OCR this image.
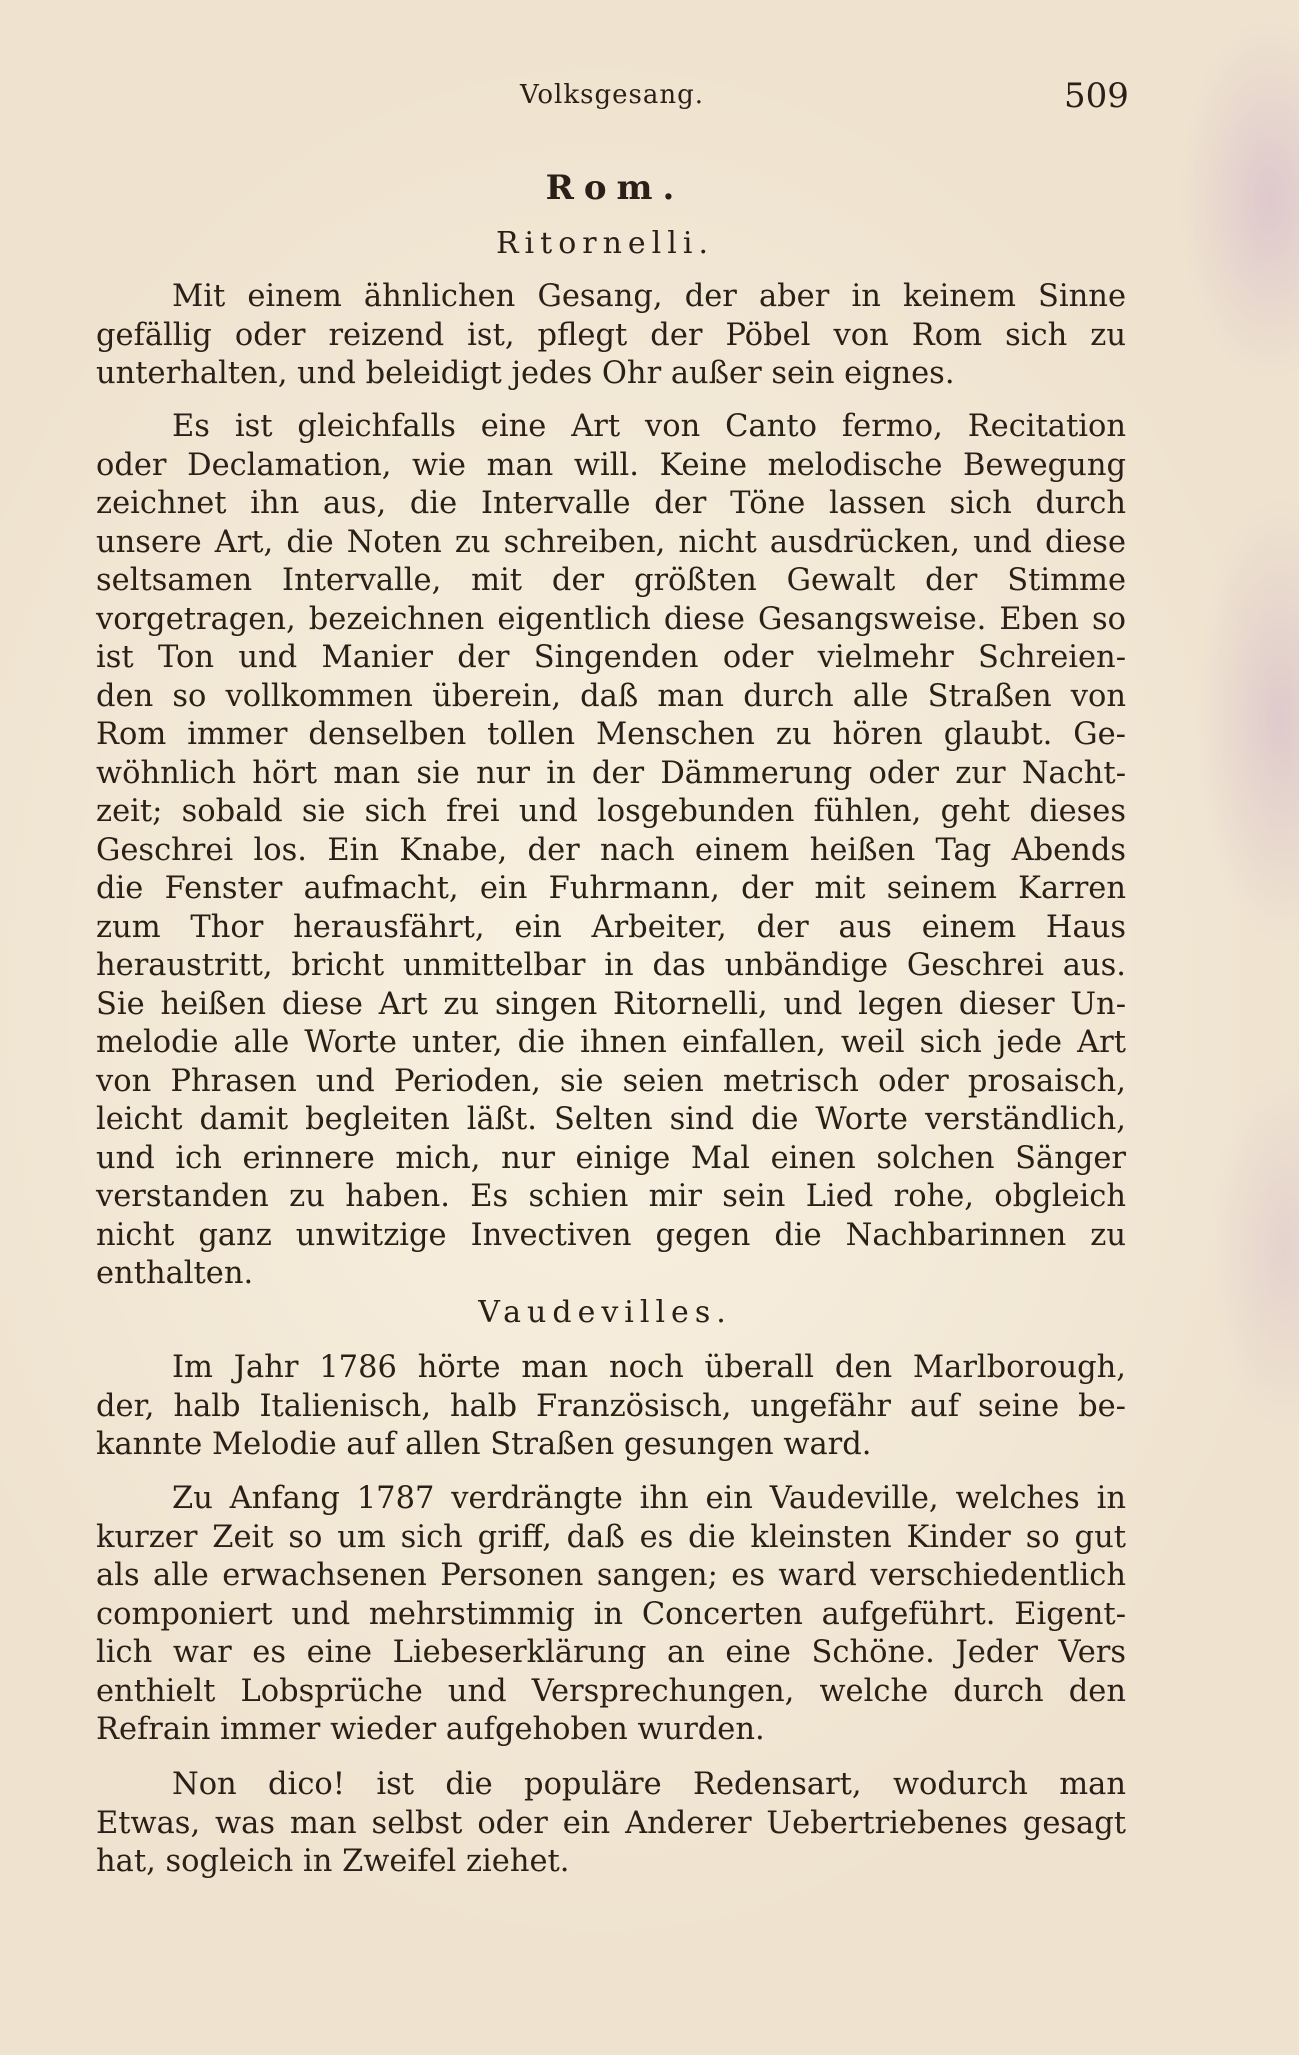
Volksgesang.	509
Rom.
Ritornelli.
Mit einem ähnlichen Gesang, der aber in keinem Sinne
gefällig oder reizend ist, pflegt der Pöbel von Rom sich zu
unterhalten, und beleidigt jedes Ohr außer sein eignes.
Es ist gleichfalls eine Art von Canto fermo, Recitation
oder Declamation, wie man will. Keine melodische Bewegung
zeichnet ihn aus, die Intervalle der Töne lassen sich durch
unsere Art, die Noten zu schreiben, nicht ausdrücken, und diese
seltsamen Intervalle, mit der größten Gewalt der Stimme
vorgetragen, bezeichnen eigentlich diese Gesangsweise. Eben so
ist Ton und Manier der Singenden oder vielmehr Schreien-
den so vollkommen überein, daß man durch alle Straßen von
Rom immer denselben tollen Menschen zu hören glaubt. Ge-
wöhnlich hört man sie nur in der Dämmerung oder zur Nacht-
zeit; sobald sie sich frei und losgebunden fühlen, geht dieses
Geschrei los. Ein Knabe, der nach einem heißen Tag Abends
die Fenster aufmacht, ein Fuhrmann, der mit seinem Karren
zum Thor herausfährt, ein Arbeiter, der aus einem Haus
heraustritt, bricht unmittelbar in das unbändige Geschrei aus.
Sie heißen diese Art zu singen Ritornelli, und legen dieser Un-
melodie alle Worte unter, die ihnen einfallen, weil sich jede Art
von Phrasen und Perioden, sie seien metrisch oder prosaisch,
leicht damit begleiten läßt. Selten sind die Worte verständlich,
und ich erinnere mich, nur einige Mal einen solchen Sänger
verstanden zu haben. Es schien mir sein Lied rohe, obgleich
nicht ganz unwitzige Invectiven gegen die Nachbarinnen zu
enthalten.
Vaudevilles.
Im Jahr 1786 hörte man noch überall den Marlborough,
der, halb Italienisch, halb Französisch, ungefähr auf seine be-
kannte Melodie auf allen Straßen gesungen ward.
Zu Anfang 1787 verdrängte ihn ein Vaudeville, welches in
kurzer Zeit so um sich griff, daß es die kleinsten Kinder so gut
als alle erwachsenen Personen sangen; es ward verschiedentlich
componiert und mehrstimmig in Concerten aufgeführt. Eigent-
lich war es eine Liebeserklärung an eine Schöne. Jeder Vers
enthielt Lobsprüche und Versprechungen, welche durch den
Refrain immer wieder aufgehoben wurden.
Non dico! ist die populäre Redensart, wodurch man
Etwas, was man selbst oder ein Anderer Uebertriebenes gesagt
hat, sogleich in Zweifel ziehet.
